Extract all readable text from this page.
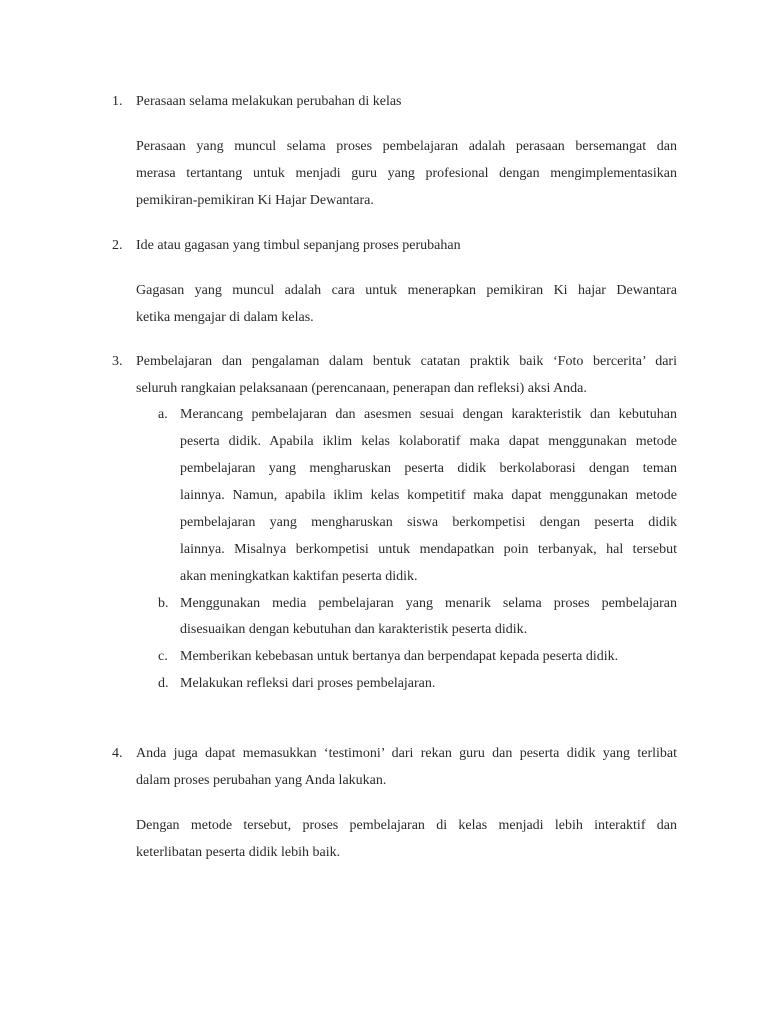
1. Perasaan selama melakukan perubahan di kelas
Perasaan yang muncul selama proses pembelajaran adalah perasaan bersemangat dan
merasa tertantang untuk menjadi guru yang profesional dengan mengimplementasikan
pemikiran-pemikiran Ki Hajar Dewantara.
2. Ide atau gagasan yang timbul sepanjang proses perubahan
Gagasan yang muncul adalah cara untuk menerapkan pemikiran Ki hajar Dewantara
ketika mengajar di dalam kelas.
3. Pembelajaran dan pengalaman dalam bentuk catatan praktik baik ‘Foto bercerita’ dari
seluruh rangkaian pelaksanaan (perencanaan, penerapan dan refleksi) aksi Anda.
a. Merancang pembelajaran dan asesmen sesuai dengan karakteristik dan kebutuhan
peserta didik. Apabila iklim kelas kolaboratif maka dapat menggunakan metode
pembelajaran yang mengharuskan peserta didik berkolaborasi dengan teman
lainnya. Namun, apabila iklim kelas kompetitif maka dapat menggunakan metode
pembelajaran yang mengharuskan siswa berkompetisi dengan peserta didik
lainnya. Misalnya berkompetisi untuk mendapatkan poin terbanyak, hal tersebut
akan meningkatkan kaktifan peserta didik.
b. Menggunakan media pembelajaran yang menarik selama proses pembelajaran
disesuaikan dengan kebutuhan dan karakteristik peserta didik.
c. Memberikan kebebasan untuk bertanya dan berpendapat kepada peserta didik.
d. Melakukan refleksi dari proses pembelajaran.
4. Anda juga dapat memasukkan ‘testimoni’ dari rekan guru dan peserta didik yang terlibat
dalam proses perubahan yang Anda lakukan.
Dengan metode tersebut, proses pembelajaran di kelas menjadi lebih interaktif dan
keterlibatan peserta didik lebih baik.
